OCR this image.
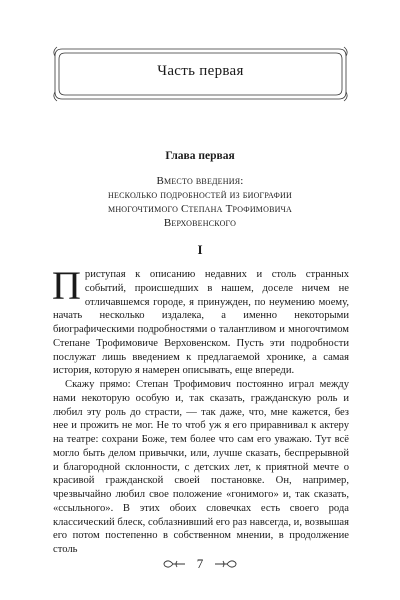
Часть первая
Глава первая
Вместо введения:
несколько подробностей из биографии
многочтимого Степана Трофимовича
Верховенского
I

Приступая к описанию недавних и столь странных событий, происшедших в нашем, доселе ничем не отличавшемся городе, я принужден, по неумению моему, начать несколько издалека, а именно некоторыми биографическими подробностями о талантливом и многочтимом Степане Трофимовиче Верховенском. Пусть эти подробности послужат лишь введением к предлагаемой хронике, а самая история, которую я намерен описывать, еще впереди.

Скажу прямо: Степан Трофимович постоянно играл между нами некоторую особую и, так сказать, гражданскую роль и любил эту роль до страсти, — так даже, что, мне кажется, без нее и прожить не мог. Не то чтоб уж я его приравнивал к актеру на театре: сохрани Боже, тем более что сам его уважаю. Тут всё могло быть делом привычки, или, лучше сказать, беспрерывной и благородной склонности, с детских лет, к приятной мечте о красивой гражданской своей постановке. Он, например, чрезвычайно любил свое положение «гонимого» и, так сказать, «ссыльного». В этих обоих словечках есть своего рода классический блеск, соблазнивший его раз навсегда, и, возвышая его потом постепенно в собственном мнении, в продолжение столь

7
